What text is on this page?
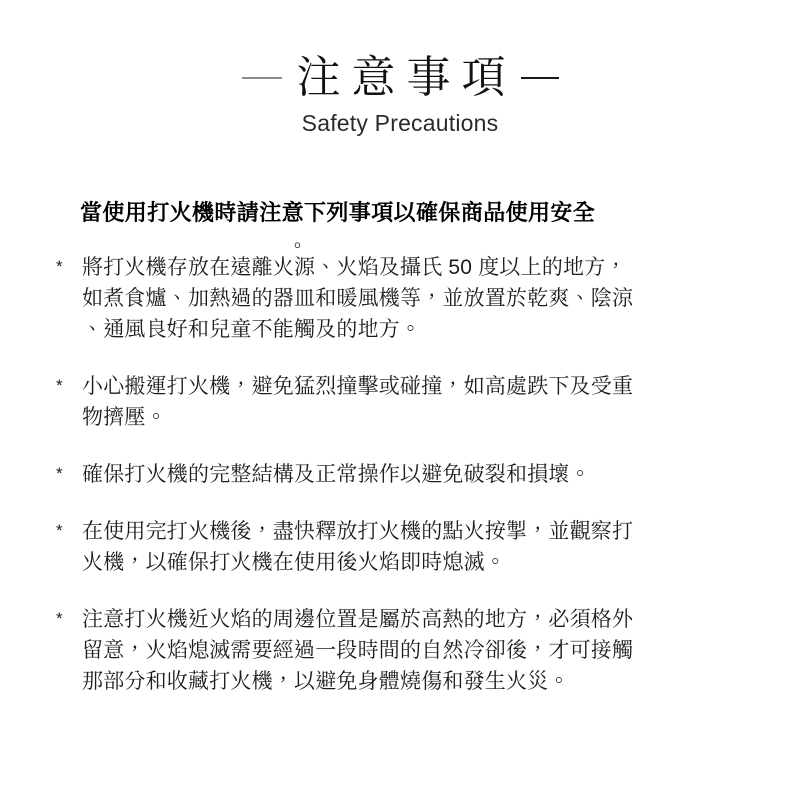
注意事項
Safety Precautions

當使用打火機時請注意下列事項以確保商品使用安全

。
* 將打火機存放在遠離火源、火焰及攝氏 50 度以上的地方，
如煮食爐、加熱過的器皿和暖風機等，並放置於乾爽、陰涼
、通風良好和兒童不能觸及的地方。
* 小心搬運打火機，避免猛烈撞擊或碰撞，如高處跌下及受重
物擠壓。
* 確保打火機的完整結構及正常操作以避免破裂和損壞。
* 在使用完打火機後，盡快釋放打火機的點火按掣，並觀察打
火機，以確保打火機在使用後火焰即時熄滅。
* 注意打火機近火焰的周邊位置是屬於高熱的地方，必須格外
留意，火焰熄滅需要經過一段時間的自然冷卻後，才可接觸
那部分和收藏打火機，以避免身體燒傷和發生火災。
